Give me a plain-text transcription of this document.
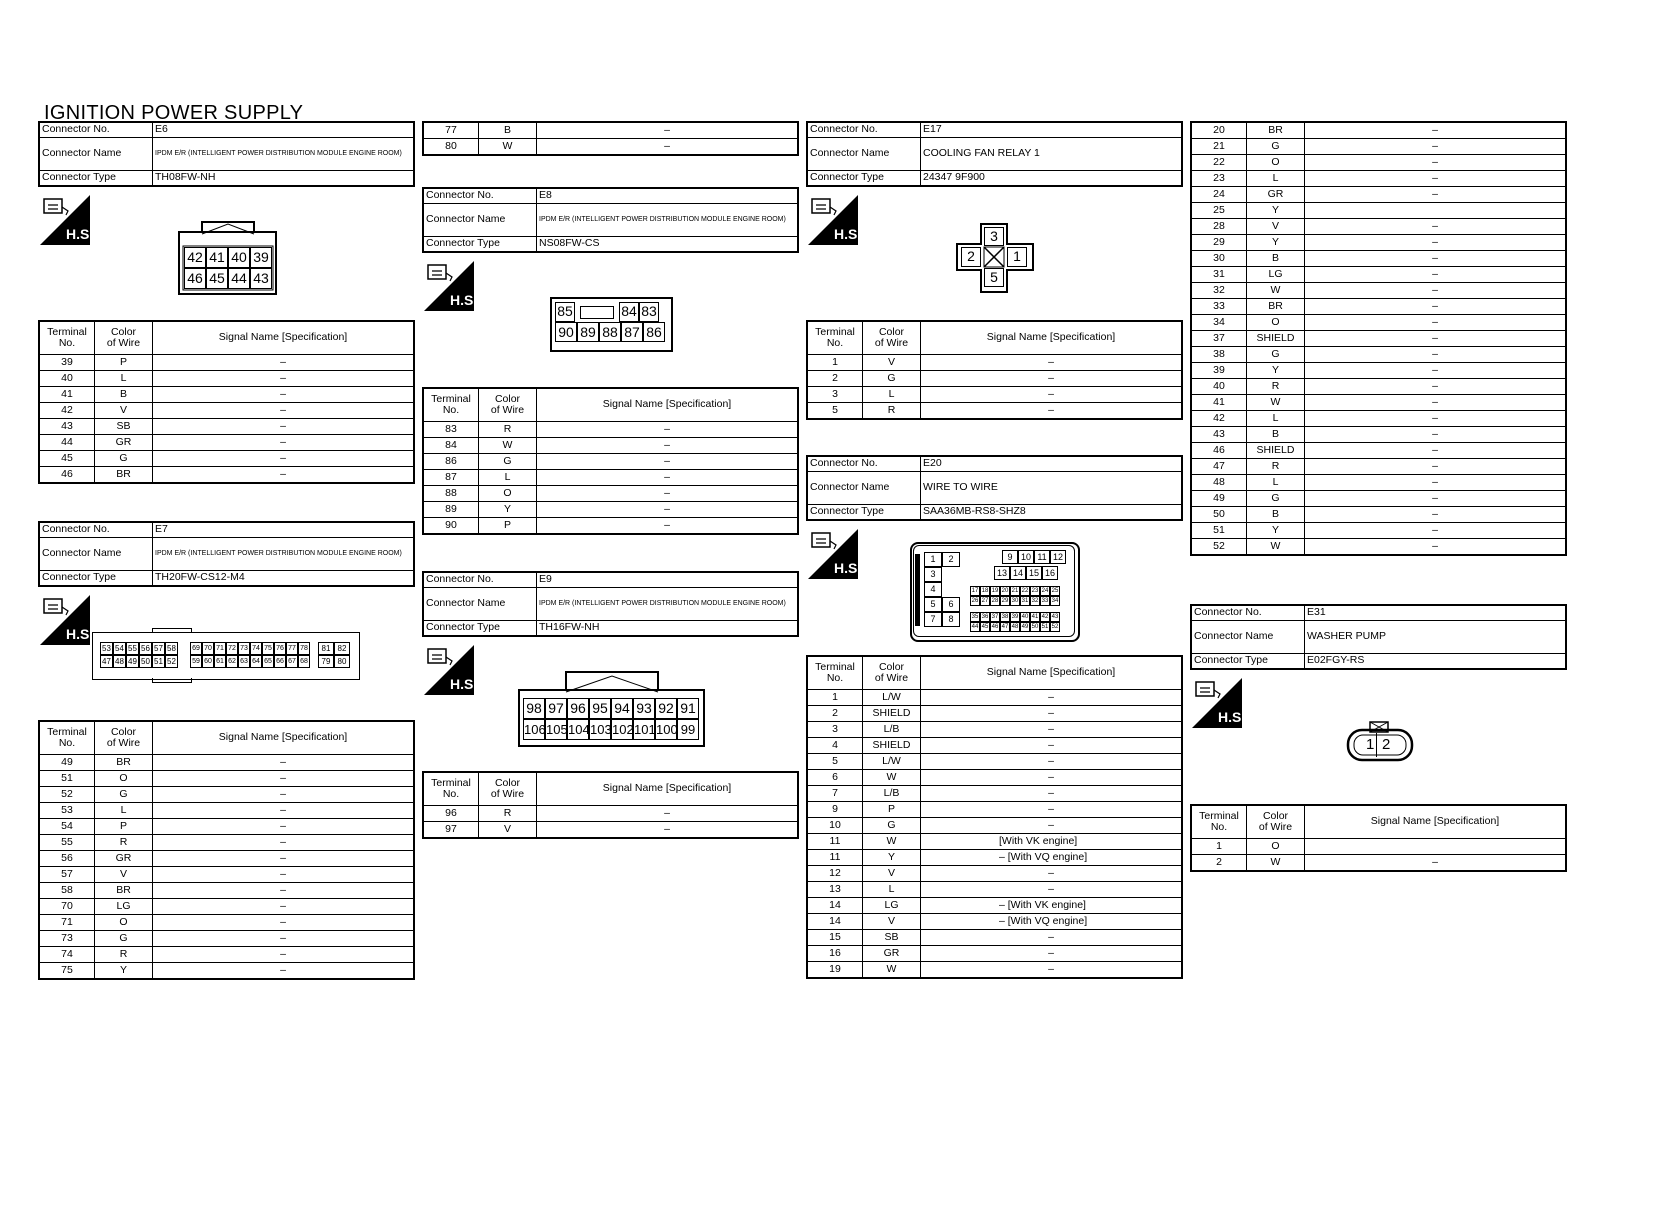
IGNITION POWER SUPPLY
Connector No.	E6
Connector Name	IPDM E/R (INTELLIGENT POWER DISTRIBUTION MODULE ENGINE ROOM)
Connector Type	TH08FW-NH
H.S.
42 41 40 39
46 45 44 43
Terminal
No.	Color
of Wire	Signal Name [Specification]
39	P	–
40	L	–
41	B	–
42	V	–
43	SB	–
44	GR	–
45	G	–
46	BR	–
Connector No.	E7
Connector Name	IPDM E/R (INTELLIGENT POWER DISTRIBUTION MODULE ENGINE ROOM)
Connector Type	TH20FW-CS12-M4
H.S.
53 54 55 56 57 58
47 48 49 50 51 52
69 70 71 72 73 74 75 76 77 78
59 60 61 62 63 64 65 66 67 68
81 82
79 80
Terminal
No.	Color
of Wire	Signal Name [Specification]
49	BR	–
51	O	–
52	G	–
53	L	–
54	P	–
55	R	–
56	GR	–
57	V	–
58	BR	–
70	LG	–
71	O	–
73	G	–
74	R	–
75	Y	–
77	B	–
80	W	–
Connector No.	E8
Connector Name	IPDM E/R (INTELLIGENT POWER DISTRIBUTION MODULE ENGINE ROOM)
Connector Type	NS08FW-CS
H.S.
85	84 83
90 89 88 87 86
Terminal
No.	Color
of Wire	Signal Name [Specification]
83	R	–
84	W	–
86	G	–
87	L	–
88	O	–
89	Y	–
90	P	–
Connector No.	E9
Connector Name	IPDM E/R (INTELLIGENT POWER DISTRIBUTION MODULE ENGINE ROOM)
Connector Type	TH16FW-NH
H.S.
98 97 96 95 94 93 92 91
106 105 104 103 102 101 100 99
Terminal
No.	Color
of Wire	Signal Name [Specification]
96	R	–
97	V	–
Connector No.	E17
Connector Name	COOLING FAN RELAY 1
Connector Type	24347 9F900
H.S.	3
2	1
5
Terminal
No.	Color
of Wire	Signal Name [Specification]
1	V	–
2	G	–
3	L	–
5	R	–
Connector No.	E20
Connector Name	WIRE TO WIRE
Connector Type	SAA36MB-RS8-SHZ8
H.S.
1	2
3
4
5	6
7	8
9 10 11 12
13 14 15 16
17 18 19 20 21 22 23 24 25
26 27 28 29 30 31 32 33 34
35 36 37 38 39 40 41 42 43
44 45 46 47 48 49 50 51 52
Terminal
No.	Color
of Wire	Signal Name [Specification]
1	L/W	–
2	SHIELD	–
3	L/B	–
4	SHIELD	–
5	L/W	–
6	W	–
7	L/B	–
9	P	–
10	G	–
11	W	[With VK engine]
11	Y	– [With VQ engine]
12	V	–
13	L	–
14	LG	– [With VK engine]
14	V	– [With VQ engine]
15	SB	–
16	GR	–
19	W	–
20	BR	–
21	G	–
22	O	–
23	L	–
24	GR	–
25	Y	
28	V	–
29	Y	–
30	B	–
31	LG	–
32	W	–
33	BR	–
34	O	–
37	SHIELD	–
38	G	–
39	Y	–
40	R	–
41	W	–
42	L	–
43	B	–
46	SHIELD	–
47	R	–
48	L	–
49	G	–
50	B	–
51	Y	–
52	W	–
Connector No.	E31
Connector Name	WASHER PUMP
Connector Type	E02FGY-RS
H.S.
1 2
Terminal
No.	Color
of Wire	Signal Name [Specification]
1	O	
2	W	–
